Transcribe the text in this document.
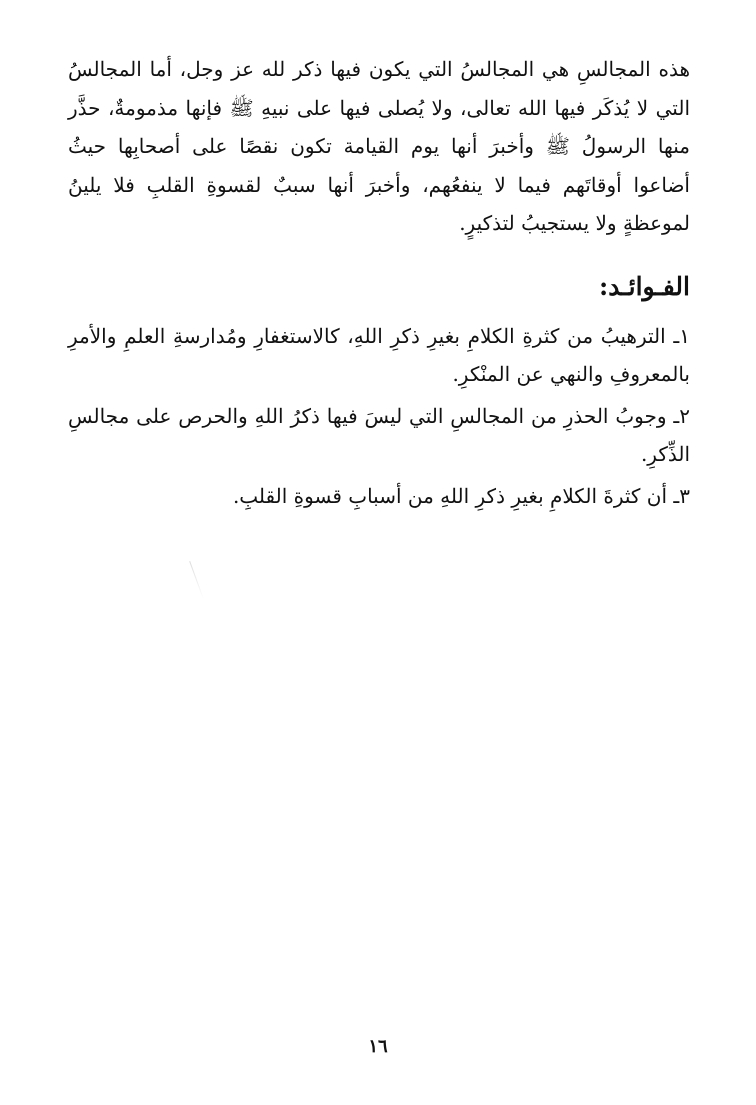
هذه المجالسِ هي المجالسُ التي يكون فيها ذكر لله عز وجل، أما المجالسُ التي لا يُذكَر فيها الله تعالى، ولا يُصلى فيها على نبيهِ ﷺ فإنها مذمومةٌ، حذَّر منها الرسولُ ﷺ وأخبرَ أنها يوم القيامة تكون نقصًا على أصحابِها حيثُ أضاعوا أوقاتَهم فيما لا ينفعُهم، وأخبرَ أنها سببٌ لقسوةِ القلبِ فلا يلينُ لموعظةٍ ولا يستجيبُ لتذكيرٍ.

الفـوائـد:
١ـ الترهيبُ من كثرةِ الكلامِ بغيرِ ذكرِ اللهِ، كالاستغفارِ ومُدارسةِ العلمِ والأمرِ بالمعروفِ والنهي عن المنْكرِ.
٢ـ وجوبُ الحذرِ من المجالسِ التي ليسَ فيها ذكرُ اللهِ والحرص على مجالسِ الذِّكرِ.
٣ـ أن كثرةَ الكلامِ بغيرِ ذكرِ اللهِ من أسبابِ قسوةِ القلبِ.
١٦
